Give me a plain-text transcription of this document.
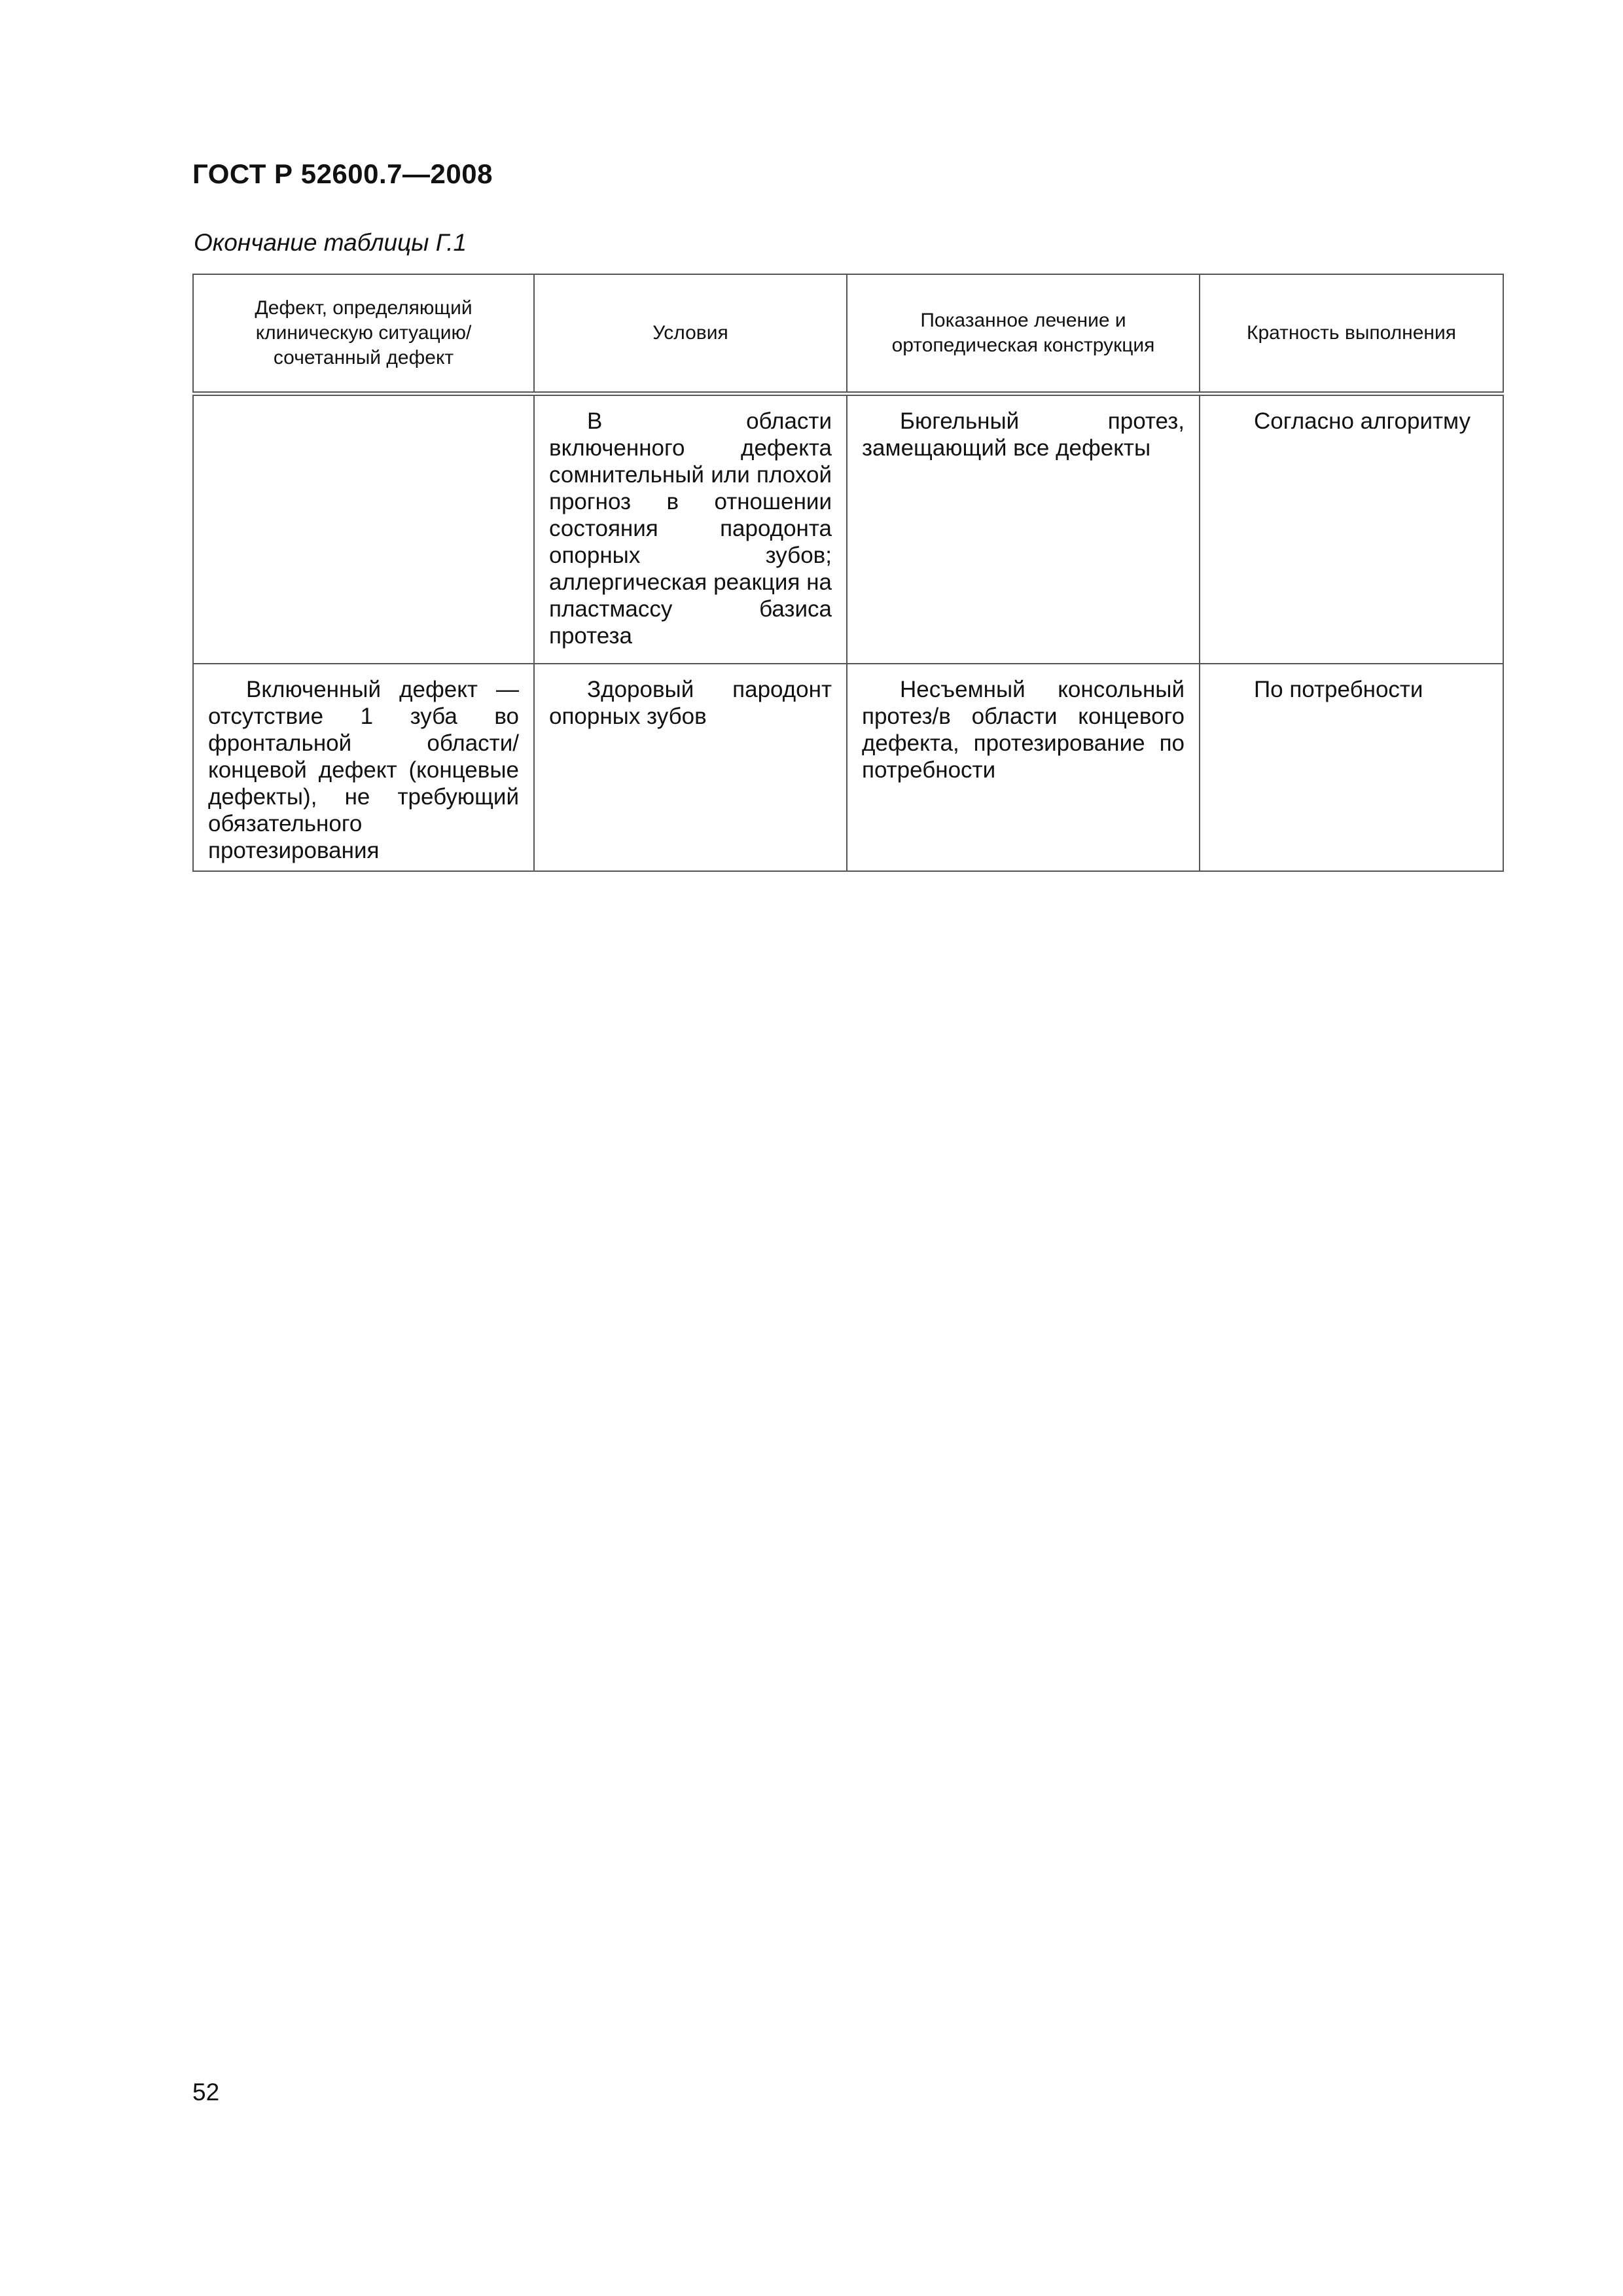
ГОСТ Р 52600.7—2008
Окончание таблицы Г.1
Дефект, определяющий клиническую ситуацию/сочетанный дефект	Условия	Показанное лечение и ортопедическая конструкция	Кратность выполнения
	В области включенного дефекта сомнительный или плохой прогноз в отношении состояния пародонта опорных зубов; аллергическая реакция на пластмассу базиса протеза	Бюгельный протез, замещающий все дефекты	Согласно алгоритму
Включенный дефект — отсутствие 1 зуба во фронтальной области/концевой дефект (концевые дефекты), не требующий обязательного протезирования	Здоровый пародонт опорных зубов	Несъемный консольный протез/в области концевого дефекта, протезирование по потребности	По потребности
52
